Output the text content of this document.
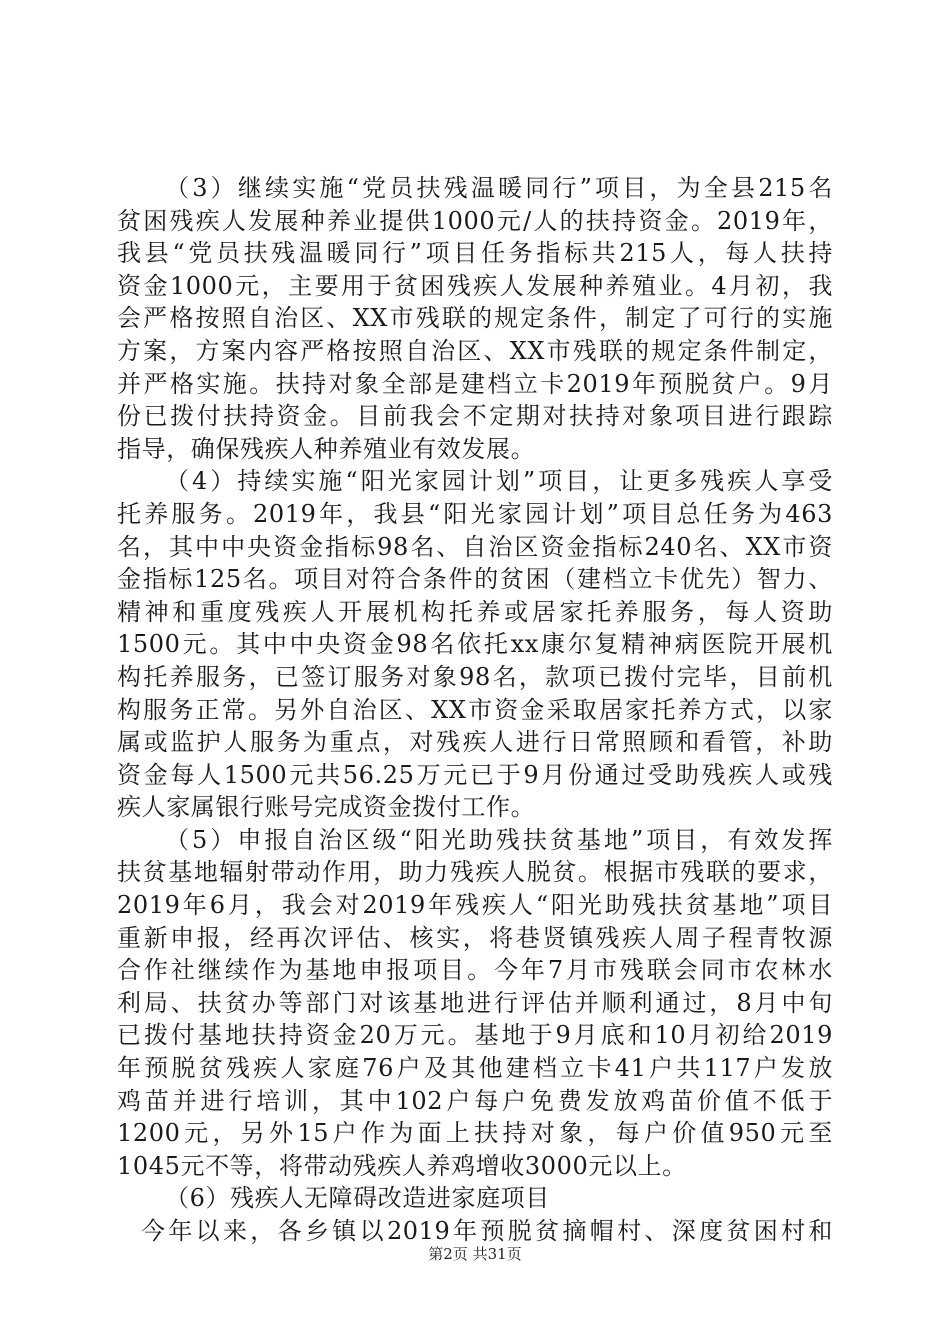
（3）继续实施“党员扶残温暖同行”项目，为全县215名
贫困残疾人发展种养业提供1000元/人的扶持资金。2019年，
我县“党员扶残温暖同行”项目任务指标共215人，每人扶持
资金1000元，主要用于贫困残疾人发展种养殖业。4月初，我
会严格按照自治区、XX市残联的规定条件，制定了可行的实施
方案，方案内容严格按照自治区、XX市残联的规定条件制定，
并严格实施。扶持对象全部是建档立卡2019年预脱贫户。9月
份已拨付扶持资金。目前我会不定期对扶持对象项目进行跟踪
指导，确保残疾人种养殖业有效发展。
（4）持续实施“阳光家园计划”项目，让更多残疾人享受
托养服务。2019年，我县“阳光家园计划”项目总任务为463
名，其中中央资金指标98名、自治区资金指标240名、XX市资
金指标125名。项目对符合条件的贫困（建档立卡优先）智力、
精神和重度残疾人开展机构托养或居家托养服务，每人资助
1500元。其中中央资金98名依托xx康尔复精神病医院开展机
构托养服务，已签订服务对象98名，款项已拨付完毕，目前机
构服务正常。另外自治区、XX市资金采取居家托养方式，以家
属或监护人服务为重点，对残疾人进行日常照顾和看管，补助
资金每人1500元共56.25万元已于9月份通过受助残疾人或残
疾人家属银行账号完成资金拨付工作。
（5）申报自治区级“阳光助残扶贫基地”项目，有效发挥
扶贫基地辐射带动作用，助力残疾人脱贫。根据市残联的要求，
2019年6月，我会对2019年残疾人“阳光助残扶贫基地”项目
重新申报，经再次评估、核实，将巷贤镇残疾人周子程青牧源
合作社继续作为基地申报项目。今年7月市残联会同市农林水
利局、扶贫办等部门对该基地进行评估并顺利通过，8月中旬
已拨付基地扶持资金20万元。基地于9月底和10月初给2019
年预脱贫残疾人家庭76户及其他建档立卡41户共117户发放
鸡苗并进行培训，其中102户每户免费发放鸡苗价值不低于
1200元，另外15户作为面上扶持对象，每户价值950元至
1045元不等，将带动残疾人养鸡增收3000元以上。
（6）残疾人无障碍改造进家庭项目
今年以来，各乡镇以2019年预脱贫摘帽村、深度贫困村和
第2页 共31页
